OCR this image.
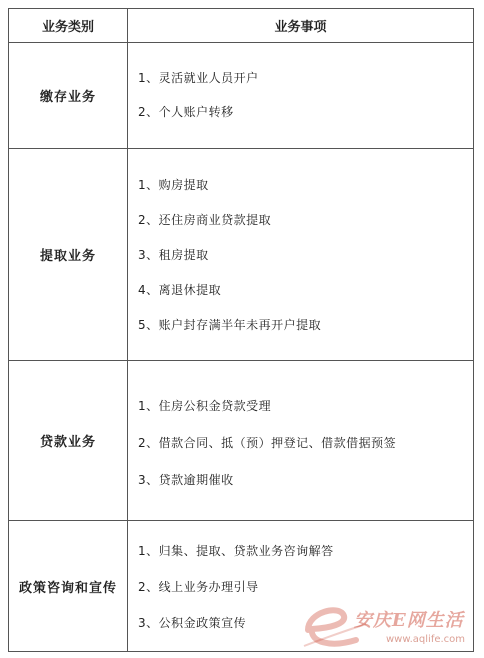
业务类别	业务事项
缴存业务	1、灵活就业人员开户
2、个人账户转移

提取业务	1、购房提取
2、还住房商业贷款提取
3、租房提取
4、离退休提取
5、账户封存满半年未再开户提取

贷款业务	1、住房公积金贷款受理
2、借款合同、抵（预）押登记、借款借据预签
3、贷款逾期催收

政策咨询和宣传	1、归集、提取、贷款业务咨询解答
2、线上业务办理引导
3、公积金政策宣传	安庆E网生活
www.aqlife.com
